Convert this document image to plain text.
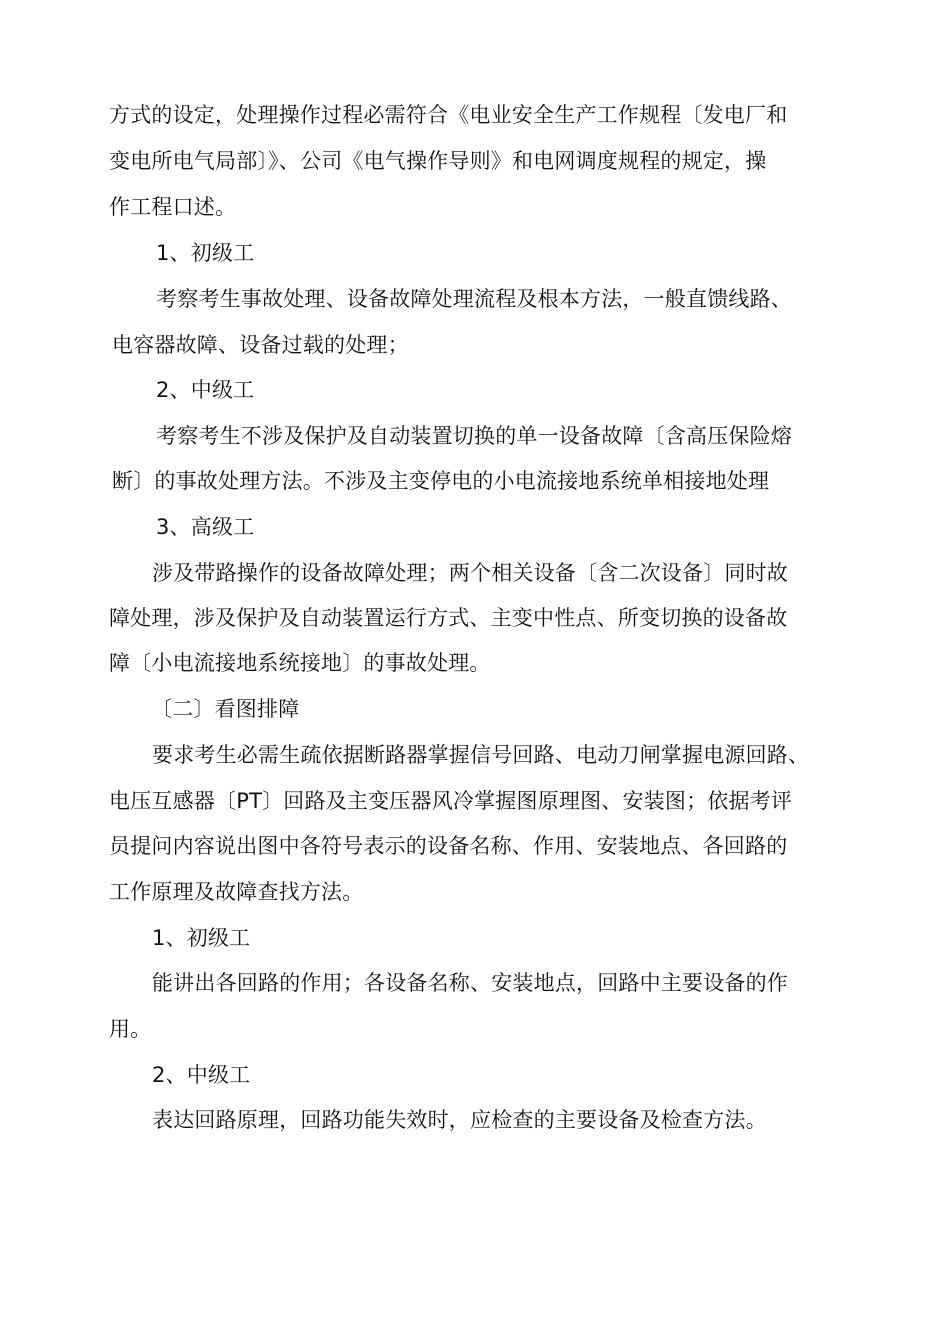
方式的设定，处理操作过程必需符合《电业安全生产工作规程〔发电厂和
变电所电气局部〕》、公司《电气操作导则》和电网调度规程的规定，操
作工程口述。
1、初级工
考察考生事故处理、设备故障处理流程及根本方法，一般直馈线路、
电容器故障、设备过载的处理；
2、中级工
考察考生不涉及保护及自动装置切换的单一设备故障〔含高压保险熔
断〕的事故处理方法。不涉及主变停电的小电流接地系统单相接地处理
3、高级工
涉及带路操作的设备故障处理；两个相关设备〔含二次设备〕同时故
障处理，涉及保护及自动装置运行方式、主变中性点、所变切换的设备故
障〔小电流接地系统接地〕的事故处理。
〔二〕看图排障
要求考生必需生疏依据断路器掌握信号回路、电动刀闸掌握电源回路、
电压互感器〔PT〕回路及主变压器风冷掌握图原理图、安装图；依据考评
员提问内容说出图中各符号表示的设备名称、作用、安装地点、各回路的
工作原理及故障查找方法。
1、初级工
能讲出各回路的作用；各设备名称、安装地点，回路中主要设备的作
用。
2、中级工
表达回路原理，回路功能失效时，应检查的主要设备及检查方法。
